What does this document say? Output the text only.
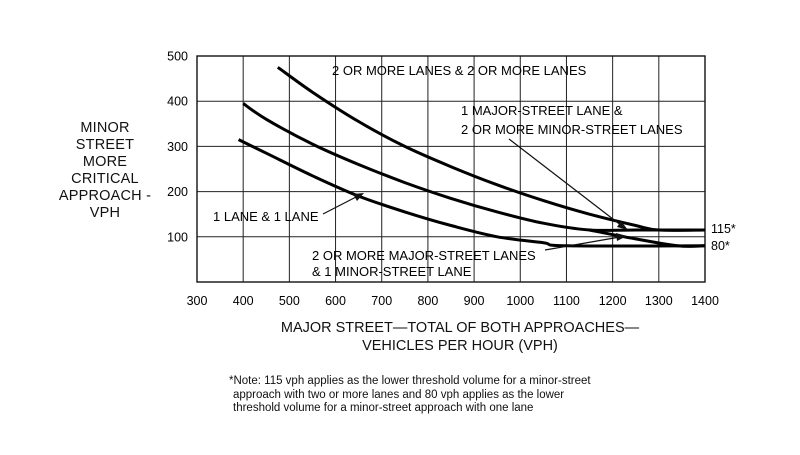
300 400 500 600 700 800 900 1000 1100 1200 1300 1400
100
200
300
400
500
2 OR MORE LANES & 2 OR MORE LANES
1 MAJOR-STREET LANE &
2 OR MORE MINOR-STREET LANES
1 LANE & 1 LANE
2 OR MORE MAJOR-STREET LANES
& 1 MINOR-STREET LANE
115*
80*
MINOR
STREET
MORE
CRITICAL
APPROACH -
VPH
MAJOR STREET—TOTAL OF BOTH APPROACHES—
VEHICLES PER HOUR (VPH)
*Note: 115 vph applies as the lower threshold volume for a minor-street
approach with two or more lanes and 80 vph applies as the lower
threshold volume for a minor-street approach with one lane
